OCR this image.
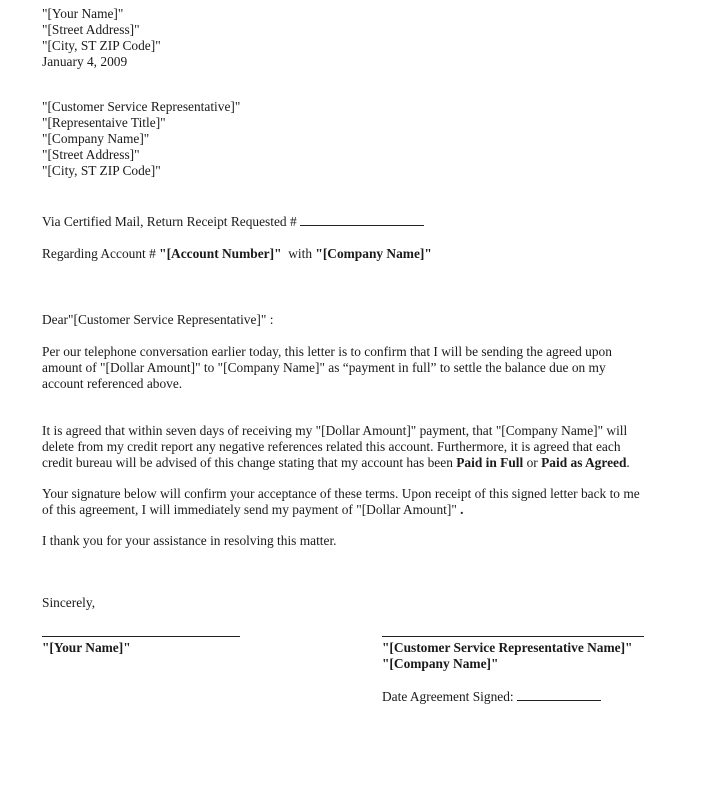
"[Your Name]"
"[Street Address]"
"[City, ST ZIP Code]"
January 4, 2009
"[Customer Service Representative]"
"[Representaive Title]"
"[Company Name]"
"[Street Address]"
"[City, ST ZIP Code]"
Via Certified Mail, Return Receipt Requested #
Regarding Account # "[Account Number]" with "[Company Name]"
Dear"[Customer Service Representative]" :
Per our telephone conversation earlier today, this letter is to confirm that I will be sending the agreed upon
amount of "[Dollar Amount]" to "[Company Name]" as “payment in full” to settle the balance due on my
account referenced above.
It is agreed that within seven days of receiving my "[Dollar Amount]" payment, that "[Company Name]" will
delete from my credit report any negative references related this account. Furthermore, it is agreed that each
credit bureau will be advised of this change stating that my account has been Paid in Full or Paid as Agreed.
Your signature below will confirm your acceptance of these terms. Upon receipt of this signed letter back to me
of this agreement, I will immediately send my payment of "[Dollar Amount]" .
I thank you for your assistance in resolving this matter.
Sincerely,
"[Your Name]"	"[Customer Service Representative Name]"
"[Company Name]"
Date Agreement Signed:
